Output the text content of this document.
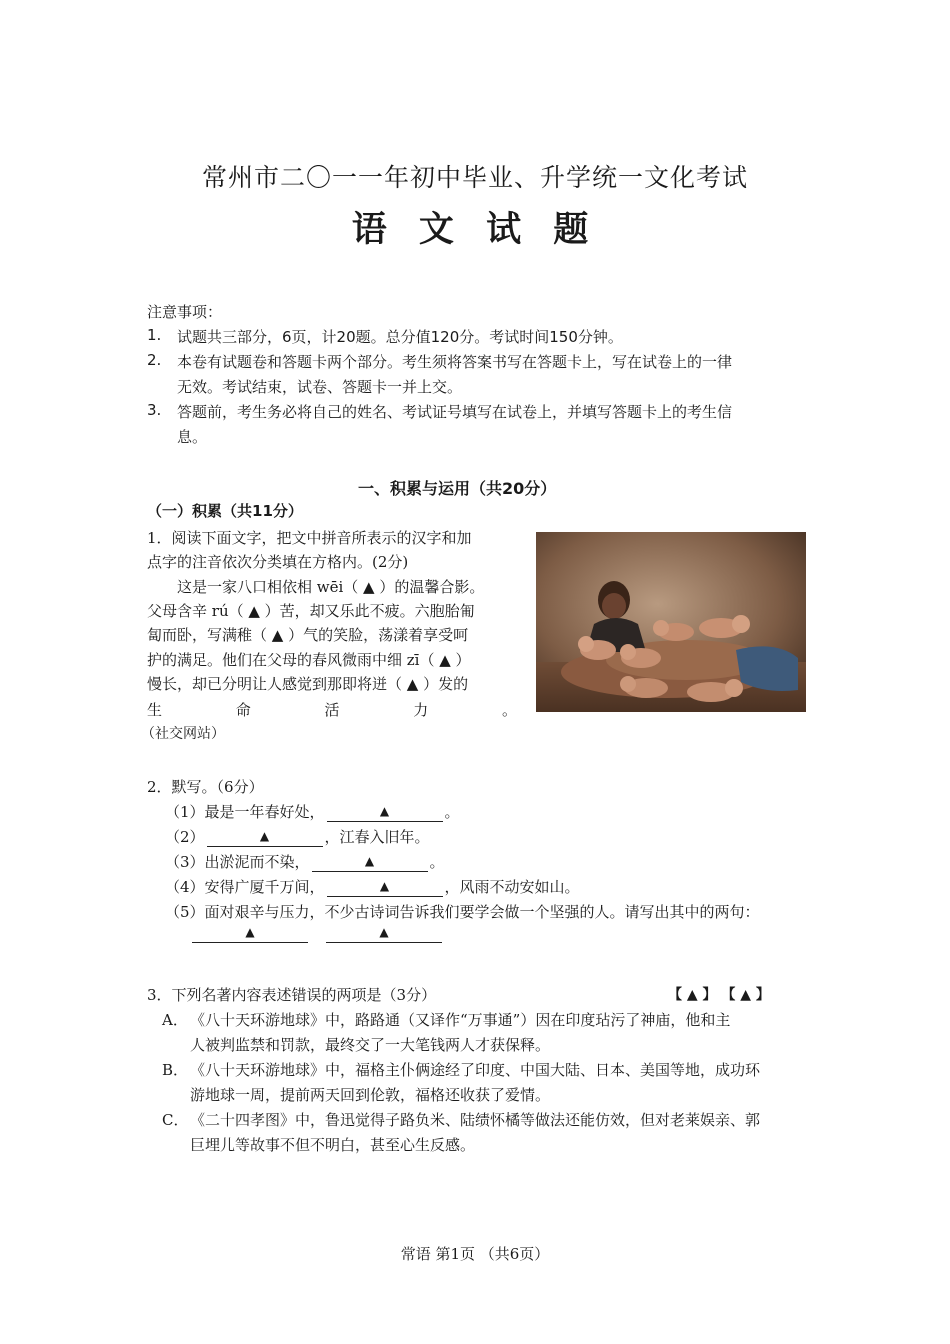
常州市二〇一一年初中毕业、升学统一文化考试
语 文 试 题
注意事项：
1. 试题共三部分，6页，计20题。总分值120分。考试时间150分钟。
2. 本卷有试题卷和答题卡两个部分。考生须将答案书写在答题卡上，写在试卷上的一律
无效。考试结束，试卷、答题卡一并上交。
3. 答题前，考生务必将自己的姓名、考试证号填写在试卷上，并填写答题卡上的考生信
息。
一、积累与运用（共20分）
（一）积累（共11分）
1．阅读下面文字，把文中拼音所表示的汉字和加
点字的注音依次分类填在方格内。(2分)
这是一家八口相依相 wēi（ ▲ ）的温馨合影。
父母含辛 rú（ ▲ ）苦，却又乐此不疲。六胞胎匍
匐而卧，写满稚（ ▲ ）气的笑脸，荡漾着享受呵
护的满足。他们在父母的春风微雨中细 zī（ ▲ ）
慢长，却已分明让人感觉到那即将迸（ ▲ ）发的
生	命	活	力	。
（社交网站）
2．默写。（6分）
（1）最是一年春好处，	▲	。
（2）	▲	，江春入旧年。
（3）出淤泥而不染，	▲	。
（4）安得广厦千万间，	▲	，风雨不动安如山。
（5）面对艰辛与压力，不少古诗词告诉我们要学会做一个坚强的人。请写出其中的两句：
▲	▲
3．下列名著内容表述错误的两项是（3分）	【 ▲ 】 【 ▲ 】
A． 《八十天环游地球》中，路路通（又译作“万事通”）因在印度玷污了神庙，他和主
人被判监禁和罚款，最终交了一大笔钱两人才获保释。
B． 《八十天环游地球》中，福格主仆俩途经了印度、中国大陆、日本、美国等地，成功环
游地球一周，提前两天回到伦敦，福格还收获了爱情。
C． 《二十四孝图》中，鲁迅觉得子路负米、陆绩怀橘等做法还能仿效，但对老莱娱亲、郭
巨埋儿等故事不但不明白，甚至心生反感。
常语 第1页 （共6页）
